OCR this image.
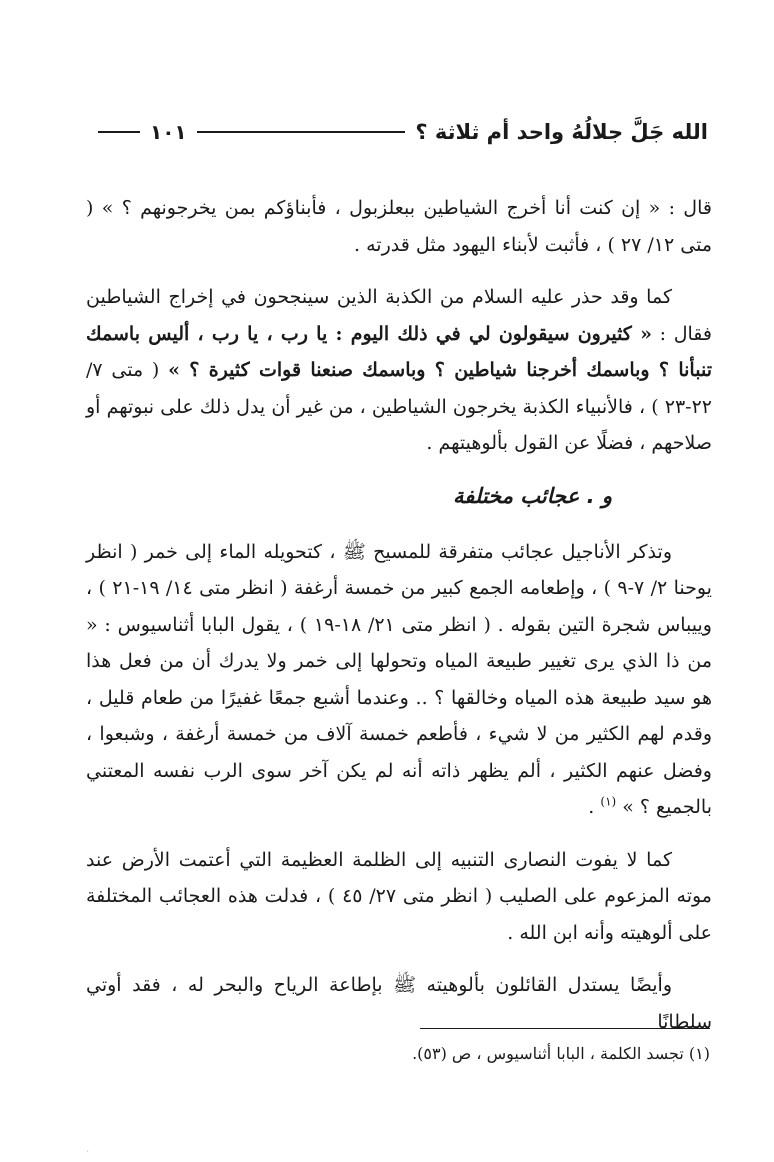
الله جَلَّ جلالُهُ واحد أم ثلاثة ؟
١٠١

قال : « إن كنت أنا أخرج الشياطين ببعلزبول ، فأبناؤكم بمن يخرجونهم ؟ » ( متى ١٢/ ٢٧ ) ، فأثبت لأبناء اليهود مثل قدرته .

كما وقد حذر عليه السلام من الكذبة الذين سينجحون في إخراج الشياطين فقال : « كثيرون سيقولون لي في ذلك اليوم : يا رب ، يا رب ، أليس باسمك تنبأنا ؟ وباسمك أخرجنا شياطين ؟ وباسمك صنعنا قوات كثيرة ؟ » ( متى ٧/ ٢٢-٢٣ ) ، فالأنبياء الكذبة يخرجون الشياطين ، من غير أن يدل ذلك على نبوتهم أو صلاحهم ، فضلًا عن القول بألوهيتهم .

و . عجائب مختلفة

وتذكر الأناجيل عجائب متفرقة للمسيح ﷺ ، كتحويله الماء إلى خمر ( انظر يوحنا ٢/ ٧-٩ ) ، وإطعامه الجمع كبير من خمسة أرغفة ( انظر متى ١٤/ ١٩-٢١ ) ، وييباس شجرة التين بقوله . ( انظر متى ٢١/ ١٨-١٩ ) ، يقول البابا أثناسيوس : « من ذا الذي يرى تغيير طبيعة المياه وتحولها إلى خمر ولا يدرك أن من فعل هذا هو سيد طبيعة هذه المياه وخالقها ؟ .. وعندما أشبع جمعًا غفيرًا من طعام قليل ، وقدم لهم الكثير من لا شيء ، فأطعم خمسة آلاف من خمسة أرغفة ، وشبعوا ، وفضل عنهم الكثير ، ألم يظهر ذاته أنه لم يكن آخر سوى الرب نفسه المعتني بالجميع ؟ » $^{(١)}$ .

كما لا يفوت النصارى التنبيه إلى الظلمة العظيمة التي أعتمت الأرض عند موته المزعوم على الصليب ( انظر متى ٢٧/ ٤٥ ) ، فدلت هذه العجائب المختلفة على ألوهيته وأنه ابن الله .

وأيضًا يستدل القائلون بألوهيته ﷺ بإطاعة الرياح والبحر له ، فقد أوتي سلطانًا

(١) تجسد الكلمة ، البابا أثناسيوس ، ص (٥٣).
.
